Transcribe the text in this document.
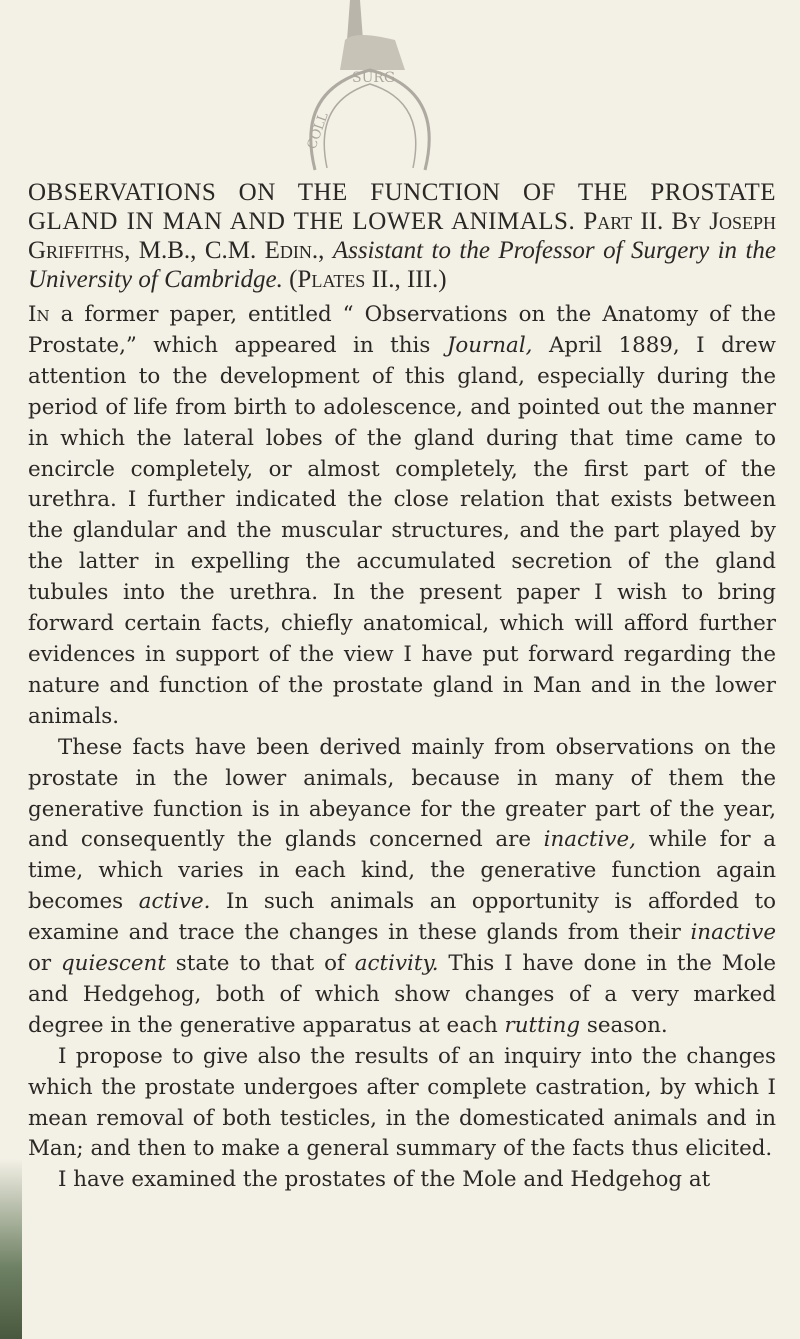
SURG
COLL
OBSERVATIONS ON THE FUNCTION OF THE PROSTATE GLAND IN MAN AND THE LOWER ANIMALS. Part II. By Joseph Griffiths, M.B., C.M. Edin., Assistant to the Professor of Surgery in the University of Cambridge. (Plates II., III.)

In a former paper, entitled “ Observations on the Anatomy of the Prostate,” which appeared in this Journal, April 1889, I drew attention to the development of this gland, especially during the period of life from birth to adolescence, and pointed out the manner in which the lateral lobes of the gland during that time came to encircle completely, or almost completely, the first part of the urethra. I further indicated the close relation that exists between the glandular and the muscular structures, and the part played by the latter in expelling the accumulated secretion of the gland tubules into the urethra. In the present paper I wish to bring forward certain facts, chiefly anatomical, which will afford further evidences in support of the view I have put forward regarding the nature and function of the prostate gland in Man and in the lower animals.

These facts have been derived mainly from observations on the prostate in the lower animals, because in many of them the generative function is in abeyance for the greater part of the year, and consequently the glands concerned are inactive, while for a time, which varies in each kind, the generative function again becomes active. In such animals an opportunity is afforded to examine and trace the changes in these glands from their inactive or quiescent state to that of activity. This I have done in the Mole and Hedgehog, both of which show changes of a very marked degree in the generative apparatus at each rutting season.

I propose to give also the results of an inquiry into the changes which the prostate undergoes after complete castration, by which I mean removal of both testicles, in the domesticated animals and in Man; and then to make a general summary of the facts thus elicited.

I have examined the prostates of the Mole and Hedgehog at
